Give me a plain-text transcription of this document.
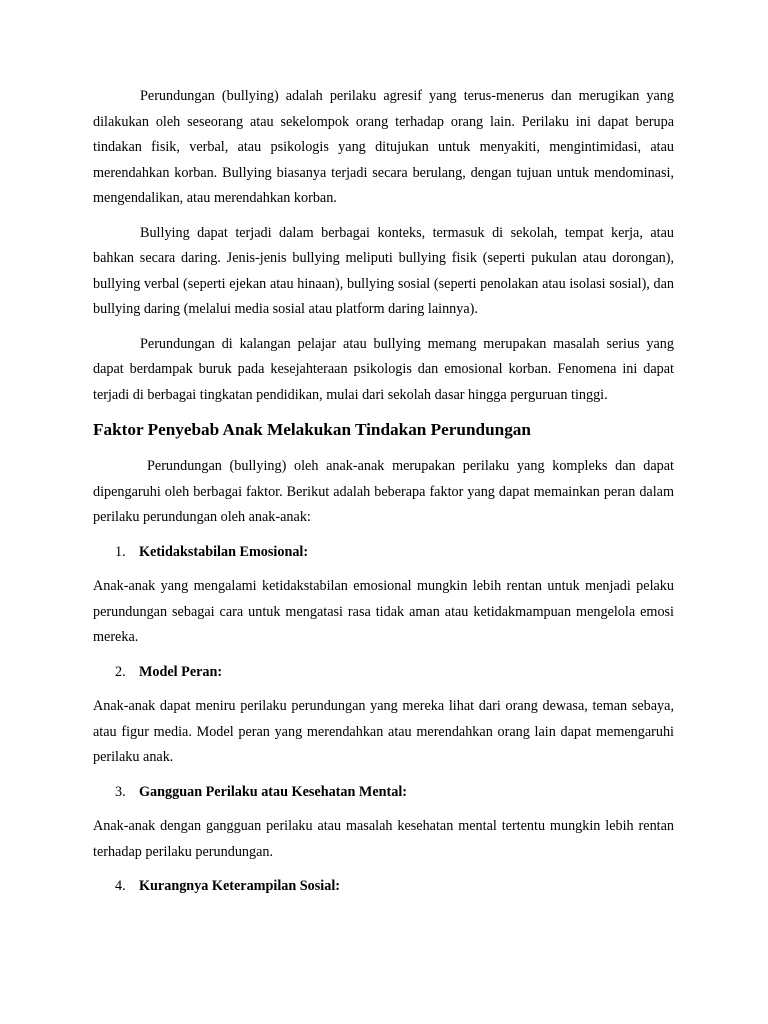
Perundungan (bullying) adalah perilaku agresif yang terus-menerus dan merugikan yang dilakukan oleh seseorang atau sekelompok orang terhadap orang lain. Perilaku ini dapat berupa tindakan fisik, verbal, atau psikologis yang ditujukan untuk menyakiti, mengintimidasi, atau merendahkan korban. Bullying biasanya terjadi secara berulang, dengan tujuan untuk mendominasi, mengendalikan, atau merendahkan korban.

Bullying dapat terjadi dalam berbagai konteks, termasuk di sekolah, tempat kerja, atau bahkan secara daring. Jenis-jenis bullying meliputi bullying fisik (seperti pukulan atau dorongan), bullying verbal (seperti ejekan atau hinaan), bullying sosial (seperti penolakan atau isolasi sosial), dan bullying daring (melalui media sosial atau platform daring lainnya).

Perundungan di kalangan pelajar atau bullying memang merupakan masalah serius yang dapat berdampak buruk pada kesejahteraan psikologis dan emosional korban. Fenomena ini dapat terjadi di berbagai tingkatan pendidikan, mulai dari sekolah dasar hingga perguruan tinggi.

Faktor Penyebab Anak Melakukan Tindakan Perundungan

Perundungan (bullying) oleh anak-anak merupakan perilaku yang kompleks dan dapat dipengaruhi oleh berbagai faktor. Berikut adalah beberapa faktor yang dapat memainkan peran dalam perilaku perundungan oleh anak-anak:

1. Ketidakstabilan Emosional:

Anak-anak yang mengalami ketidakstabilan emosional mungkin lebih rentan untuk menjadi pelaku perundungan sebagai cara untuk mengatasi rasa tidak aman atau ketidakmampuan mengelola emosi mereka.

2. Model Peran:

Anak-anak dapat meniru perilaku perundungan yang mereka lihat dari orang dewasa, teman sebaya, atau figur media. Model peran yang merendahkan atau merendahkan orang lain dapat memengaruhi perilaku anak.

3. Gangguan Perilaku atau Kesehatan Mental:

Anak-anak dengan gangguan perilaku atau masalah kesehatan mental tertentu mungkin lebih rentan terhadap perilaku perundungan.

4. Kurangnya Keterampilan Sosial:
